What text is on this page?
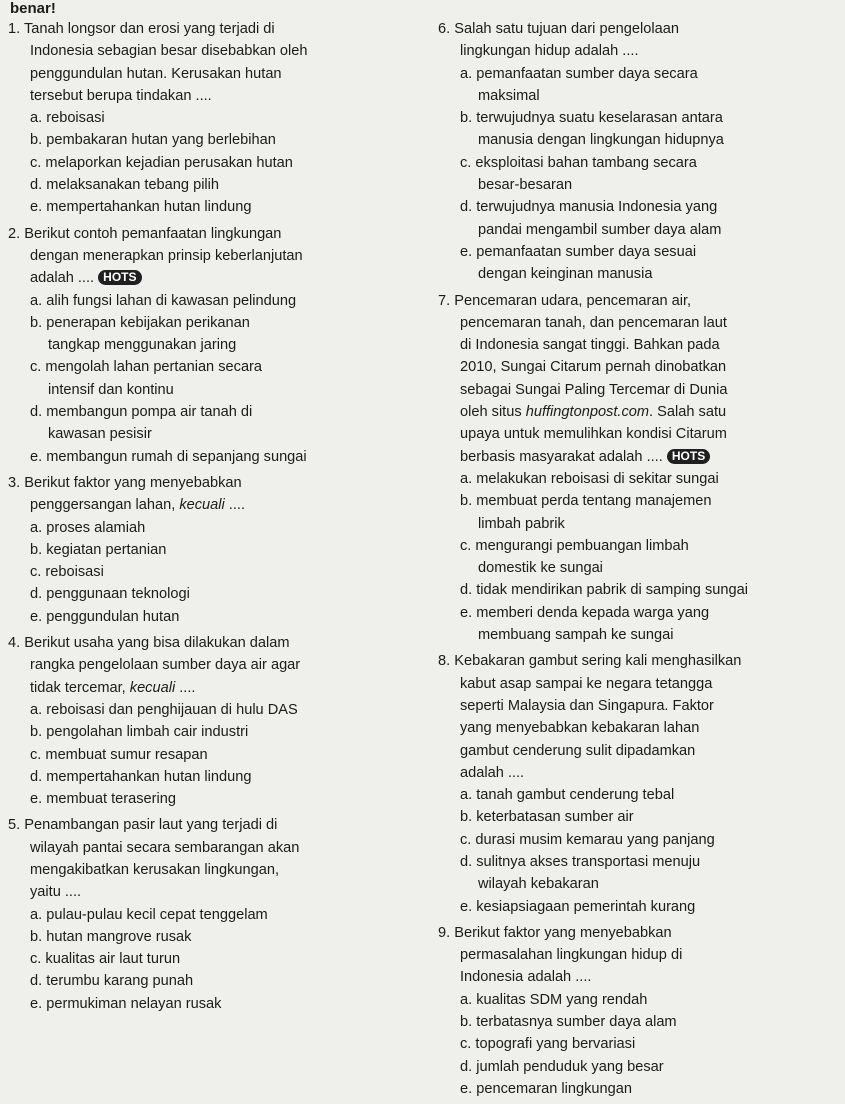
benar!
1. Tanah longsor dan erosi yang terjadi di
Indonesia sebagian besar disebabkan oleh
penggundulan hutan. Kerusakan hutan
tersebut berupa tindakan ....
a. reboisasi
b. pembakaran hutan yang berlebihan
c. melaporkan kejadian perusakan hutan
d. melaksanakan tebang pilih
e. mempertahankan hutan lindung
2. Berikut contoh pemanfaatan lingkungan
dengan menerapkan prinsip keberlanjutan
adalah .... HOTS
a. alih fungsi lahan di kawasan pelindung
b. penerapan kebijakan perikanan
tangkap menggunakan jaring
c. mengolah lahan pertanian secara
intensif dan kontinu
d. membangun pompa air tanah di
kawasan pesisir
e. membangun rumah di sepanjang sungai
3. Berikut faktor yang menyebabkan
penggersangan lahan, kecuali ....
a. proses alamiah
b. kegiatan pertanian
c. reboisasi
d. penggunaan teknologi
e. penggundulan hutan
4. Berikut usaha yang bisa dilakukan dalam
rangka pengelolaan sumber daya air agar
tidak tercemar, kecuali ....
a. reboisasi dan penghijauan di hulu DAS
b. pengolahan limbah cair industri
c. membuat sumur resapan
d. mempertahankan hutan lindung
e. membuat terasering
5. Penambangan pasir laut yang terjadi di
wilayah pantai secara sembarangan akan
mengakibatkan kerusakan lingkungan,
yaitu ....
a. pulau-pulau kecil cepat tenggelam
b. hutan mangrove rusak
c. kualitas air laut turun
d. terumbu karang punah
e. permukiman nelayan rusak
6. Salah satu tujuan dari pengelolaan
lingkungan hidup adalah ....
a. pemanfaatan sumber daya secara
maksimal
b. terwujudnya suatu keselarasan antara
manusia dengan lingkungan hidupnya
c. eksploitasi bahan tambang secara
besar-besaran
d. terwujudnya manusia Indonesia yang
pandai mengambil sumber daya alam
e. pemanfaatan sumber daya sesuai
dengan keinginan manusia
7. Pencemaran udara, pencemaran air,
pencemaran tanah, dan pencemaran laut
di Indonesia sangat tinggi. Bahkan pada
2010, Sungai Citarum pernah dinobatkan
sebagai Sungai Paling Tercemar di Dunia
oleh situs huffingtonpost.com. Salah satu
upaya untuk memulihkan kondisi Citarum
berbasis masyarakat adalah .... HOTS
a. melakukan reboisasi di sekitar sungai
b. membuat perda tentang manajemen
limbah pabrik
c. mengurangi pembuangan limbah
domestik ke sungai
d. tidak mendirikan pabrik di samping sungai
e. memberi denda kepada warga yang
membuang sampah ke sungai
8. Kebakaran gambut sering kali menghasilkan
kabut asap sampai ke negara tetangga
seperti Malaysia dan Singapura. Faktor
yang menyebabkan kebakaran lahan
gambut cenderung sulit dipadamkan
adalah ....
a. tanah gambut cenderung tebal
b. keterbatasan sumber air
c. durasi musim kemarau yang panjang
d. sulitnya akses transportasi menuju
wilayah kebakaran
e. kesiapsiagaan pemerintah kurang
9. Berikut faktor yang menyebabkan
permasalahan lingkungan hidup di
Indonesia adalah ....
a. kualitas SDM yang rendah
b. terbatasnya sumber daya alam
c. topografi yang bervariasi
d. jumlah penduduk yang besar
e. pencemaran lingkungan
